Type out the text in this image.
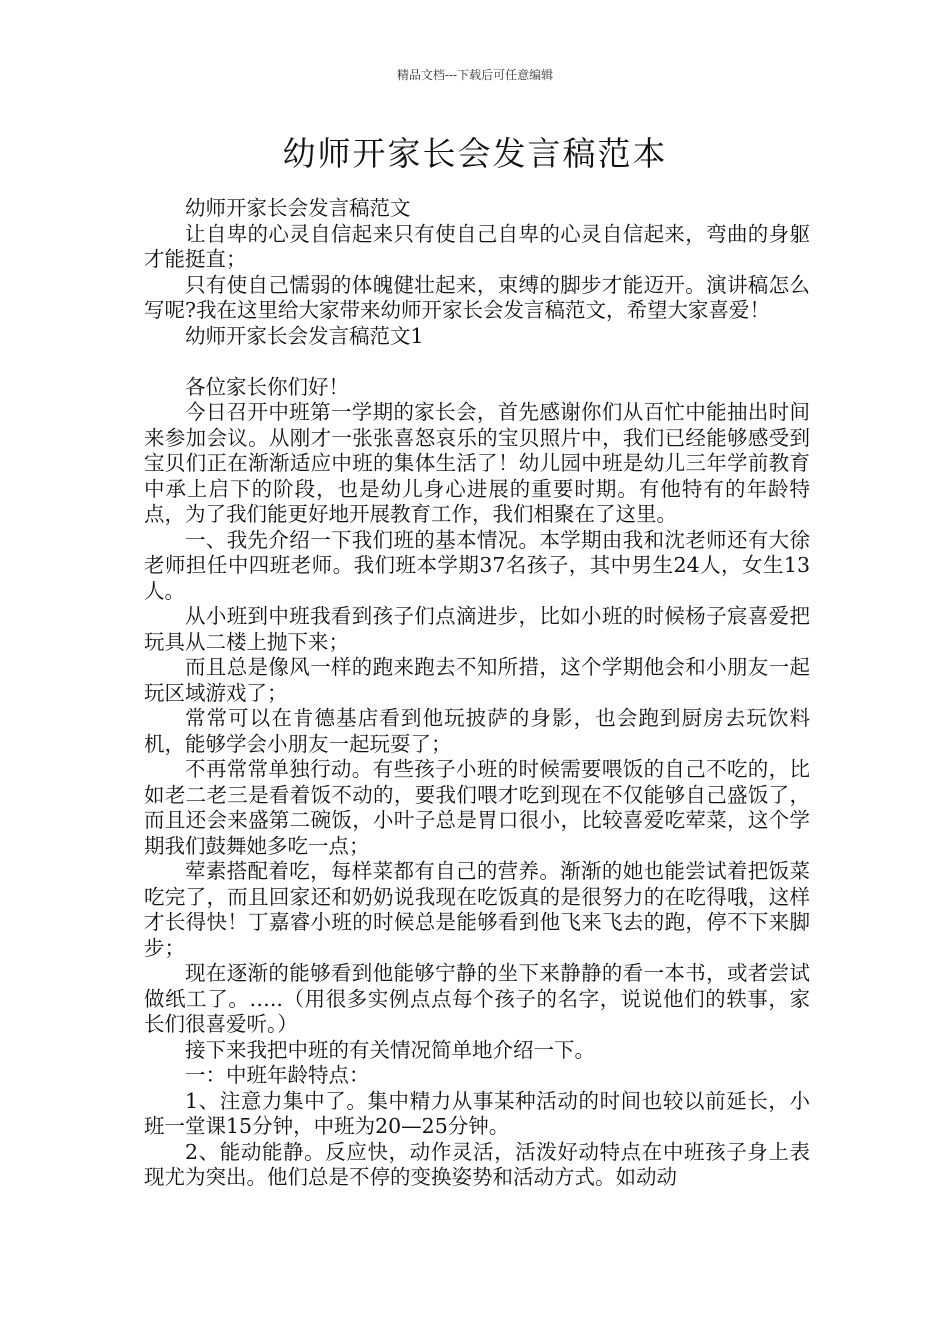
精品文档---下载后可任意编辑
幼师开家长会发言稿范本

幼师开家长会发言稿范文

让自卑的心灵自信起来只有使自己自卑的心灵自信起来，弯曲的身躯才能挺直；

只有使自己懦弱的体魄健壮起来，束缚的脚步才能迈开。演讲稿怎么写呢?我在这里给大家带来幼师开家长会发言稿范文，希望大家喜爱！

幼师开家长会发言稿范文1

各位家长你们好！

今日召开中班第一学期的家长会，首先感谢你们从百忙中能抽出时间来参加会议。从刚才一张张喜怒哀乐的宝贝照片中，我们已经能够感受到宝贝们正在渐渐适应中班的集体生活了！幼儿园中班是幼儿三年学前教育中承上启下的阶段，也是幼儿身心进展的重要时期。有他特有的年龄特点，为了我们能更好地开展教育工作，我们相聚在了这里。

一、我先介绍一下我们班的基本情况。本学期由我和沈老师还有大徐老师担任中四班老师。我们班本学期37名孩子，其中男生24人，女生13 人。

从小班到中班我看到孩子们点滴进步，比如小班的时候杨子宸喜爱把玩具从二楼上抛下来；

而且总是像风一样的跑来跑去不知所措，这个学期他会和小朋友一起玩区域游戏了；

常常可以在肯德基店看到他玩披萨的身影，也会跑到厨房去玩饮料机，能够学会小朋友一起玩耍了；

不再常常单独行动。有些孩子小班的时候需要喂饭的自己不吃的，比如老二老三是看着饭不动的，要我们喂才吃到现在不仅能够自己盛饭了，而且还会来盛第二碗饭，小叶子总是胃口很小，比较喜爱吃荤菜，这个学期我们鼓舞她多吃一点；

荤素搭配着吃，每样菜都有自己的营养。渐渐的她也能尝试着把饭菜吃完了，而且回家还和奶奶说我现在吃饭真的是很努力的在吃得哦，这样才长得快！丁嘉睿小班的时候总是能够看到他飞来飞去的跑，停不下来脚步；

现在逐渐的能够看到他能够宁静的坐下来静静的看一本书，或者尝试做纸工了。…..（用很多实例点点每个孩子的名字，说说他们的轶事，家长们很喜爱听。）

接下来我把中班的有关情况简单地介绍一下。

一：中班年龄特点：

1、注意力集中了。集中精力从事某种活动的时间也较以前延长，小班一堂课15分钟，中班为20—25分钟。

2、能动能静。反应快，动作灵活，活泼好动特点在中班孩子身上表现尤为突出。他们总是不停的变换姿势和活动方式。如动动
